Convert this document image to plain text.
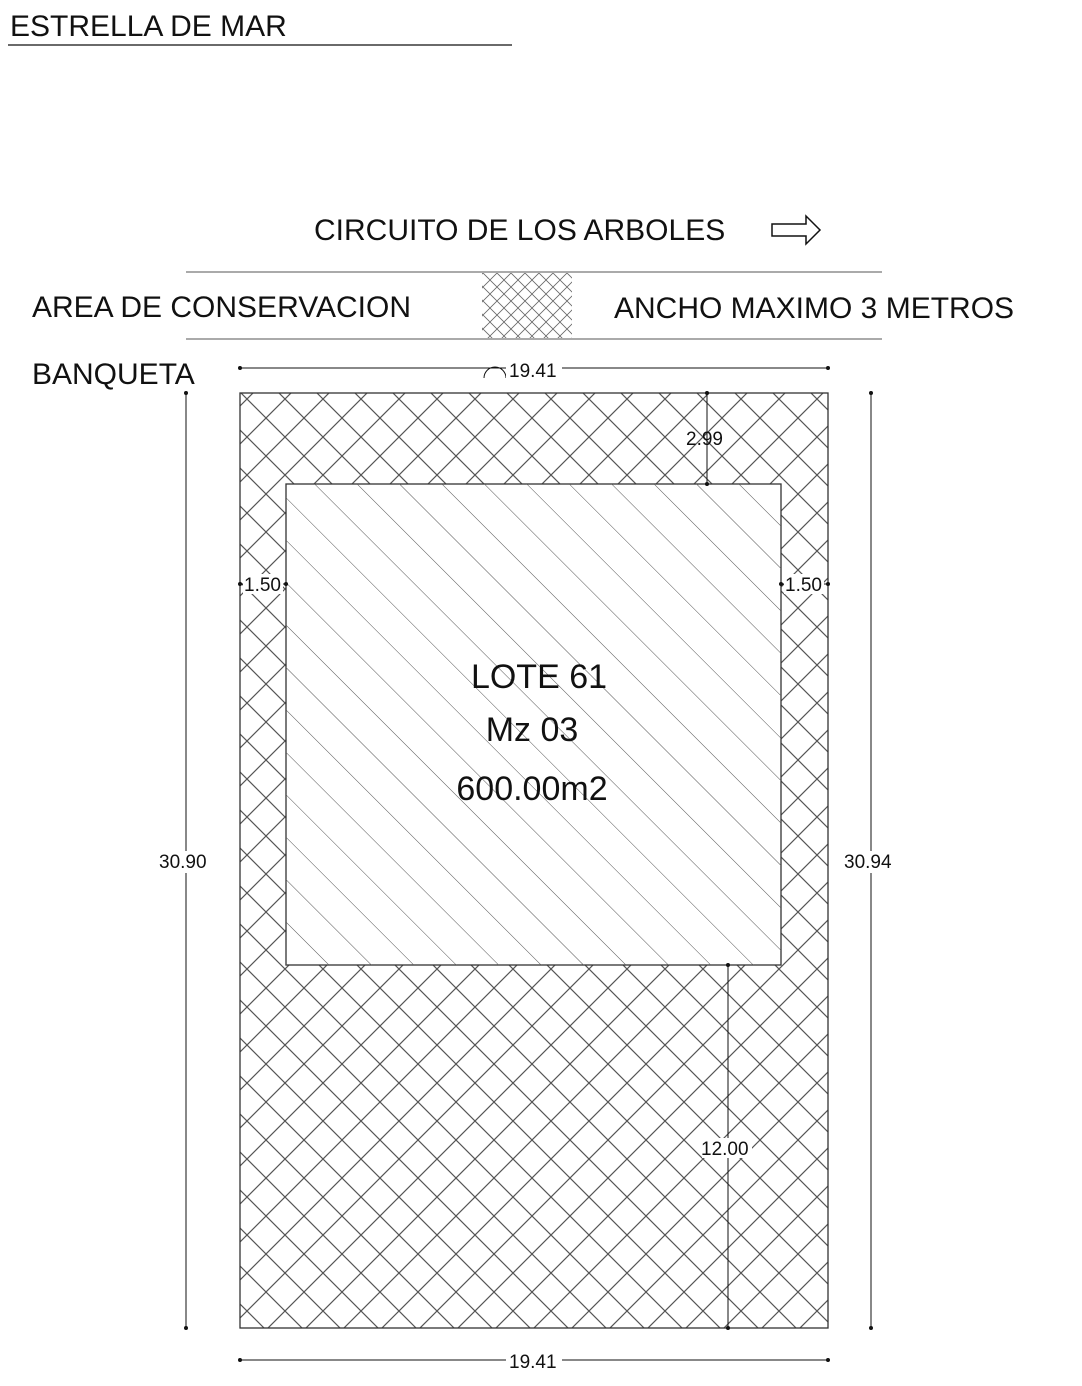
ESTRELLA DE MAR
CIRCUITO DE LOS ARBOLES
AREA DE CONSERVACION	ANCHO MAXIMO 3 METROS
BANQUETA	19.41
2.99
1.50	1.50
LOTE 61
Mz 03
600.00m2
12.00
30.90	30.94
19.41
